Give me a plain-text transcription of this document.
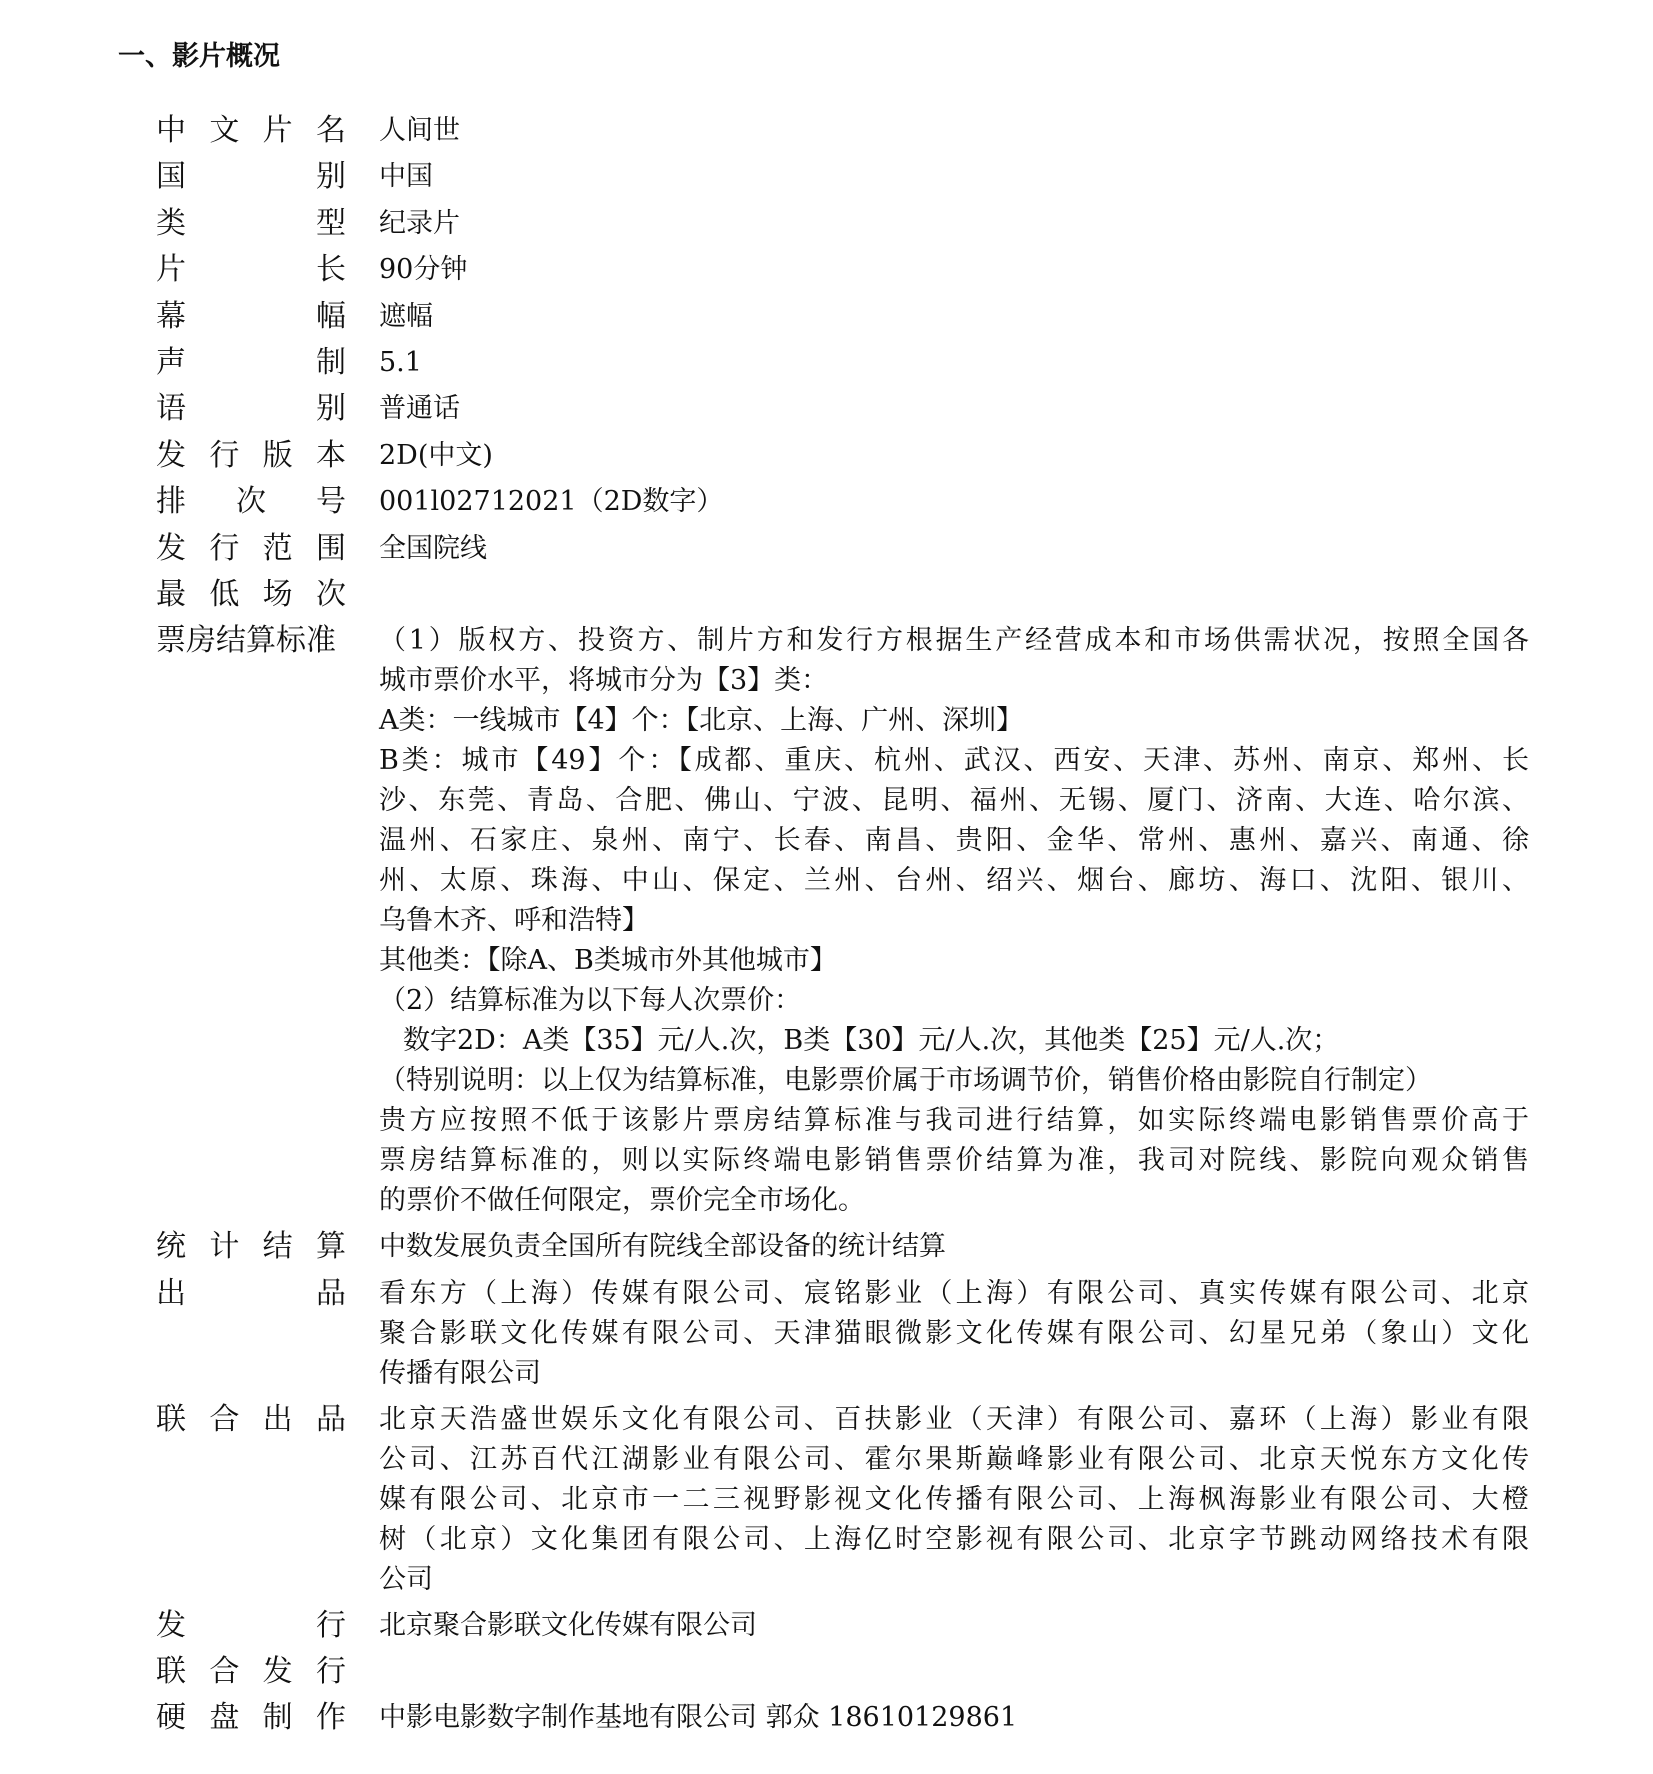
一、影片概况
中 文 片 名 人间世
国	别 中国
类	型 纪录片
片	长 90分钟
幕	幅 遮幅
声	制 5.1
语	别 普通话
发 行 版 本 2D(中文)
排 次 号 001l02712021（2D数字）
发 行 范 围 全国院线
最 低 场 次
票房结算标准 （1）版权方、投资方、制片方和发行方根据生产经营成本和市场供需状况，按照全国各
城市票价水平，将城市分为【3】类：
A类：一线城市【4】个：【北京、上海、广州、深圳】
B类：城市【49】个：【成都、重庆、杭州、武汉、西安、天津、苏州、南京、郑州、长
沙、东莞、青岛、合肥、佛山、宁波、昆明、福州、无锡、厦门、济南、大连、哈尔滨、
温州、石家庄、泉州、南宁、长春、南昌、贵阳、金华、常州、惠州、嘉兴、南通、徐
州、太原、珠海、中山、保定、兰州、台州、绍兴、烟台、廊坊、海口、沈阳、银川、
乌鲁木齐、呼和浩特】
其他类：【除A、B类城市外其他城市】
（2）结算标准为以下每人次票价：
数字2D：A类【35】元/人.次，B类【30】元/人.次，其他类【25】元/人.次；
（特别说明：以上仅为结算标准，电影票价属于市场调节价，销售价格由影院自行制定）
贵方应按照不低于该影片票房结算标准与我司进行结算，如实际终端电影销售票价高于
票房结算标准的，则以实际终端电影销售票价结算为准，我司对院线、影院向观众销售
的票价不做任何限定，票价完全市场化。
统 计 结 算 中数发展负责全国所有院线全部设备的统计结算
出	品 看东方（上海）传媒有限公司、宸铭影业（上海）有限公司、真实传媒有限公司、北京
聚合影联文化传媒有限公司、天津猫眼微影文化传媒有限公司、幻星兄弟（象山）文化
传播有限公司
联 合 出 品 北京天浩盛世娱乐文化有限公司、百扶影业（天津）有限公司、嘉环（上海）影业有限
公司、江苏百代江湖影业有限公司、霍尔果斯巅峰影业有限公司、北京天悦东方文化传
媒有限公司、北京市一二三视野影视文化传播有限公司、上海枫海影业有限公司、大橙
树（北京）文化集团有限公司、上海亿时空影视有限公司、北京字节跳动网络技术有限
公司
发	行 北京聚合影联文化传媒有限公司
联 合 发 行
硬 盘 制 作 中影电影数字制作基地有限公司 郭众 18610129861
